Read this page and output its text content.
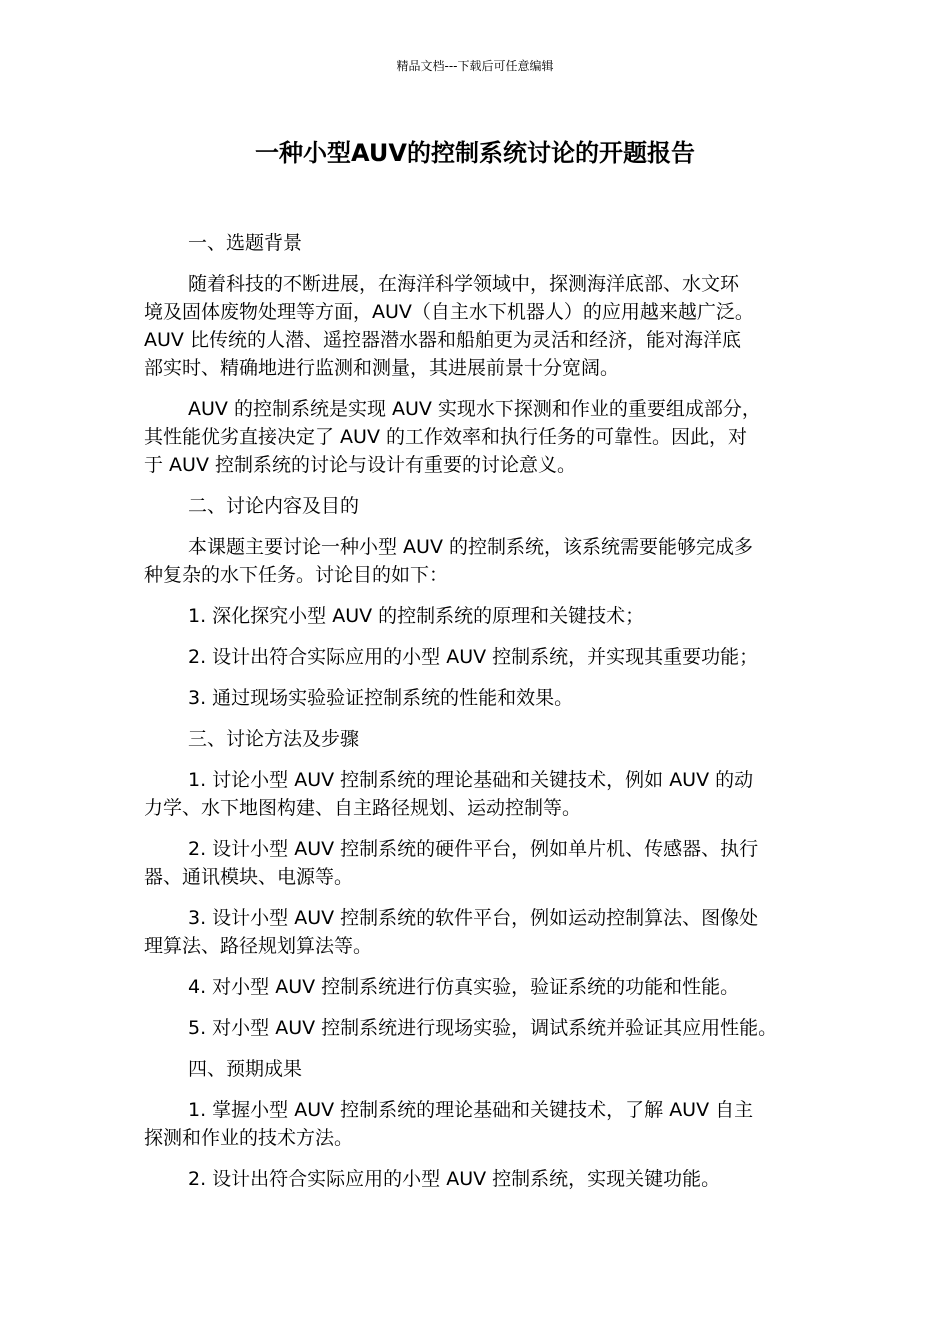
精品文档---下载后可任意编辑
一种小型AUV的控制系统讨论的开题报告

一、选题背景

随着科技的不断进展，在海洋科学领域中，探测海洋底部、水文环
境及固体废物处理等方面，AUV（自主水下机器人）的应用越来越广泛。
AUV 比传统的人潜、遥控器潜水器和船舶更为灵活和经济，能对海洋底
部实时、精确地进行监测和测量，其进展前景十分宽阔。

AUV 的控制系统是实现 AUV 实现水下探测和作业的重要组成部分，
其性能优劣直接决定了 AUV 的工作效率和执行任务的可靠性。因此，对
于 AUV 控制系统的讨论与设计有重要的讨论意义。

二、讨论内容及目的

本课题主要讨论一种小型 AUV 的控制系统，该系统需要能够完成多
种复杂的水下任务。讨论目的如下：

1. 深化探究小型 AUV 的控制系统的原理和关键技术；

2. 设计出符合实际应用的小型 AUV 控制系统，并实现其重要功能；

3. 通过现场实验验证控制系统的性能和效果。

三、讨论方法及步骤

1. 讨论小型 AUV 控制系统的理论基础和关键技术，例如 AUV 的动
力学、水下地图构建、自主路径规划、运动控制等。

2. 设计小型 AUV 控制系统的硬件平台，例如单片机、传感器、执行
器、通讯模块、电源等。

3. 设计小型 AUV 控制系统的软件平台，例如运动控制算法、图像处
理算法、路径规划算法等。

4. 对小型 AUV 控制系统进行仿真实验，验证系统的功能和性能。

5. 对小型 AUV 控制系统进行现场实验，调试系统并验证其应用性能。

四、预期成果

1. 掌握小型 AUV 控制系统的理论基础和关键技术，了解 AUV 自主
探测和作业的技术方法。

2. 设计出符合实际应用的小型 AUV 控制系统，实现关键功能。
